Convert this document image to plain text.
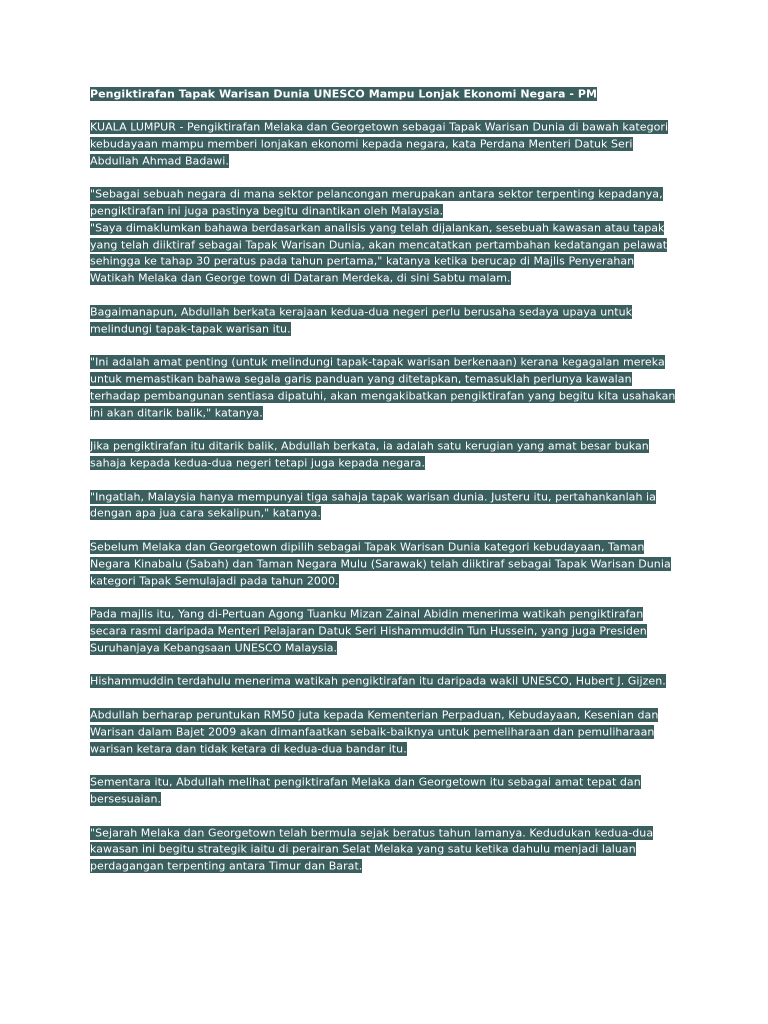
Pengiktirafan Tapak Warisan Dunia UNESCO Mampu Lonjak Ekonomi Negara - PM

KUALA LUMPUR - Pengiktirafan Melaka dan Georgetown sebagai Tapak Warisan Dunia di bawah kategori kebudayaan mampu memberi lonjakan ekonomi kepada negara, kata Perdana Menteri Datuk Seri Abdullah Ahmad Badawi.

"Sebagai sebuah negara di mana sektor pelancongan merupakan antara sektor terpenting kepadanya, pengiktirafan ini juga pastinya begitu dinantikan oleh Malaysia.

"Saya dimaklumkan bahawa berdasarkan analisis yang telah dijalankan, sesebuah kawasan atau tapak yang telah diiktiraf sebagai Tapak Warisan Dunia, akan mencatatkan pertambahan kedatangan pelawat sehingga ke tahap 30 peratus pada tahun pertama," katanya ketika berucap di Majlis Penyerahan Watikah Melaka dan George town di Dataran Merdeka, di sini Sabtu malam.

Bagaimanapun, Abdullah berkata kerajaan kedua-dua negeri perlu berusaha sedaya upaya untuk melindungi tapak-tapak warisan itu.

"Ini adalah amat penting (untuk melindungi tapak-tapak warisan berkenaan) kerana kegagalan mereka untuk memastikan bahawa segala garis panduan yang ditetapkan, temasuklah perlunya kawalan terhadap pembangunan sentiasa dipatuhi, akan mengakibatkan pengiktirafan yang begitu kita usahakan ini akan ditarik balik," katanya.

Jika pengiktirafan itu ditarik balik, Abdullah berkata, ia adalah satu kerugian yang amat besar bukan sahaja kepada kedua-dua negeri tetapi juga kepada negara.

"Ingatlah, Malaysia hanya mempunyai tiga sahaja tapak warisan dunia. Justeru itu, pertahankanlah ia dengan apa jua cara sekalipun," katanya.

Sebelum Melaka dan Georgetown dipilih sebagai Tapak Warisan Dunia kategori kebudayaan, Taman Negara Kinabalu (Sabah) dan Taman Negara Mulu (Sarawak) telah diiktiraf sebagai Tapak Warisan Dunia kategori Tapak Semulajadi pada tahun 2000.

Pada majlis itu, Yang di-Pertuan Agong Tuanku Mizan Zainal Abidin menerima watikah pengiktirafan secara rasmi daripada Menteri Pelajaran Datuk Seri Hishammuddin Tun Hussein, yang juga Presiden Suruhanjaya Kebangsaan UNESCO Malaysia.

Hishammuddin terdahulu menerima watikah pengiktirafan itu daripada wakil UNESCO, Hubert J. Gijzen.

Abdullah berharap peruntukan RM50 juta kepada Kementerian Perpaduan, Kebudayaan, Kesenian dan Warisan dalam Bajet 2009 akan dimanfaatkan sebaik-baiknya untuk pemeliharaan dan pemuliharaan warisan ketara dan tidak ketara di kedua-dua bandar itu.

Sementara itu, Abdullah melihat pengiktirafan Melaka dan Georgetown itu sebagai amat tepat dan bersesuaian.

"Sejarah Melaka dan Georgetown telah bermula sejak beratus tahun lamanya. Kedudukan kedua-dua kawasan ini begitu strategik iaitu di perairan Selat Melaka yang satu ketika dahulu menjadi laluan perdagangan terpenting antara Timur dan Barat.
